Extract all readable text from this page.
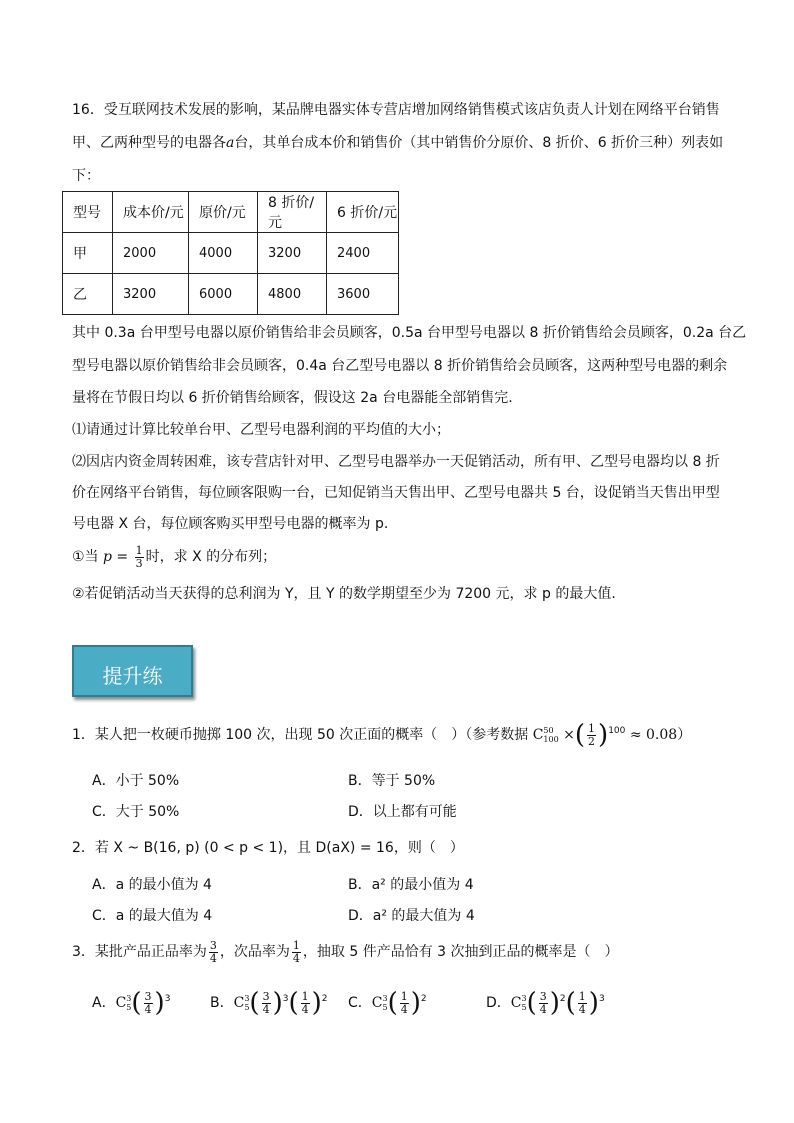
16．受互联网技术发展的影响，某品牌电器实体专营店增加网络销售模式该店负责人计划在网络平台销售
甲、乙两种型号的电器各a台，其单台成本价和销售价（其中销售价分原价、8 折价、6 折价三种）列表如
下：
型号	成本价/元	原价/元	8 折价/元	6 折价/元
甲	2000	4000	3200	2400
乙	3200	6000	4800	3600
其中 0.3a 台甲型号电器以原价销售给非会员顾客，0.5a 台甲型号电器以 8 折价销售给会员顾客，0.2a 台乙
型号电器以原价销售给非会员顾客，0.4a 台乙型号电器以 8 折价销售给会员顾客，这两种型号电器的剩余
量将在节假日均以 6 折价销售给顾客，假设这 2a 台电器能全部销售完.
⑴请通过计算比较单台甲、乙型号电器利润的平均值的大小；
⑵因店内资金周转困难，该专营店针对甲、乙型号电器举办一天促销活动，所有甲、乙型号电器均以 8 折
价在网络平台销售，每位顾客限购一台，已知促销当天售出甲、乙型号电器共 5 台，设促销当天售出甲型
号电器 X 台，每位顾客购买甲型号电器的概率为 p.
①当 $p = \frac{1}{3}$ 时，求 X 的分布列；
②若促销活动当天获得的总利润为 Y，且 Y 的数学期望至少为 7200 元，求 p 的最大值.
提升练
1．某人把一枚硬币抛掷 100 次，出现 50 次正面的概率（　）（参考数据 C 50
100 ×( $\frac{1}{2} )^{100} \approx 0.08$）
A．小于 50%	B．等于 50%
C．大于 50%	D．以上都有可能
2．若 X ~ B(16, p) (0 < p < 1)，且 D(aX) = 16，则（　）
A．a 的最小值为 4	B．a² 的最小值为 4
C．a 的最大值为 4	D．a² 的最大值为 4
3．某批产品正品率为 $\frac{3}{4}$ ，次品率为 $\frac{1}{4}$ ，抽取 5 件产品恰有 3 次抽到正品的概率是（　）
A．C 3
5 ( $\frac{3}{4} )^3$	B．C 3
5 ( $\frac{3}{4} )^3( \frac{1}{4} )^2$ C．C 3
5 ( $\frac{1}{4} )^2$	D．C 3
5 ( $\frac{3}{4} )^2( \frac{1}{4} )^3$
